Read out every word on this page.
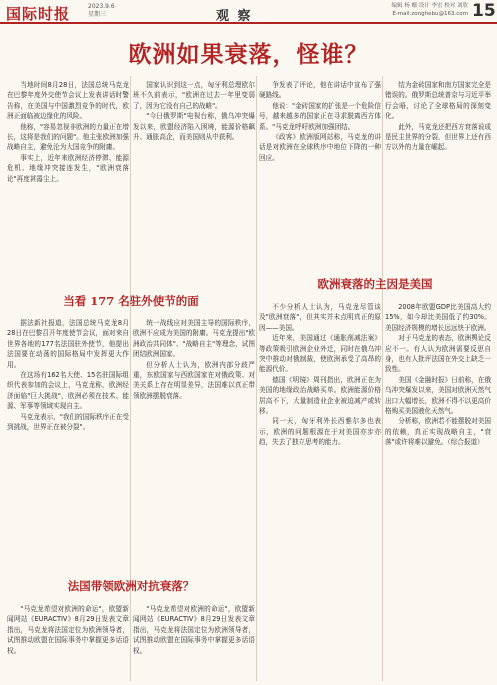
国际时报	2023.9.6
星期三	观 察
编辑 杨 姗 设计 李宏 校对 刘欣
E-mail:zonghebu@163.com 15
欧洲如果衰落，怪谁？

当地时间8月28日，法国总统马克龙在巴黎年度外交使节会议上发表讲话时警告称，在美国与中国激烈竞争的时代，欧洲正面临被边缘化的风险。

他称，"容易忽视非欧洲的力量正在增长，这将是我们的问题"。他主张欧洲加强战略自主，避免沦为大国竞争的附庸。

事实上，近年来欧洲经济停滞、能源危机、地缘冲突接连发生，"欧洲衰落论"再度甚嚣尘上。

当看 177 名驻外使节的面

据法新社报道，法国总统马克龙8月28日在巴黎召开年度使节会议，面对来自世界各地的177名法国驻外使节，他提出法国要在动荡的国际格局中发挥更大作用。

在这场有162名大使、15名驻国际组织代表参加的会议上，马克龙称，欧洲经济面临"巨大挑战"，欧洲必须在技术、能源、军事等领域实现自主。

马克龙表示，"我们的国际秩序正在受到挑战，世界正在被分裂"。

法国带领欧洲对抗衰落？

"马克龙希望对欧洲的命运"，欧盟新闻网站《EURACTIV》8月29日发表文章指出，马克龙将法国定位为欧洲领导者，试图推动欧盟在国际事务中掌握更多话语权。

国家认识到这一点，匈牙利总理欧尔班不久前表示，"欧洲在过去一年里变弱了，因为它没有自己的战略"。

"今日俄罗斯"电视台称，俄乌冲突爆发以来，欧盟经济陷入困境，能源价格飙升、通胀高企，而美国则从中获利。

统一战线应对美国主导的国际秩序，欧洲不应成为美国的附庸。马克龙提出"欧洲政治共同体"、"战略自主"等理念，试图团结欧洲国家。

但分析人士认为，欧洲内部分歧严重，东欧国家与西欧国家在对俄政策、对美关系上存在明显差异，法国难以真正带领欧洲摆脱衰落。

"马克龙希望对欧洲的命运"，欧盟新闻网站《EURACTIV》8月29日发表文章指出，马克龙将法国定位为欧洲领导者，试图推动欧盟在国际事务中掌握更多话语权。

争发表了评论，他在讲话中宣布了强硬路线。

他说："金砖国家的扩张是一个危险信号，越来越多的国家正在寻求脱离西方体系。"马克龙呼吁欧洲加强团结。

《政客》欧洲版网站称，马克龙的讲话是对欧洲在全球秩序中地位下降的一种回应。

欧洲衰落的主因是美国

不少分析人士认为，马克龙尽管谈及"欧洲衰落"，但其实并未点明真正的原因——美国。

近年来，美国通过《通胀削减法案》等政策吸引欧洲企业外迁，同时在俄乌冲突中推动对俄制裁，使欧洲承受了高昂的能源代价。

德国《明镜》周刊指出，欧洲正在为美国的地缘政治战略买单。欧洲能源价格居高不下，大量制造业企业被迫减产或转移。

同一天，匈牙利外长西雅尔多也表示，欧洲的问题根源在于对美国亦步亦趋，失去了独立思考的能力。

结为金砖国家和南方国家完全是错误的。俄罗斯总统普京与习近平举行会晤，讨论了全球格局的深刻变化。

此外，马克龙还把西方衰落说成是民主世界的分裂，但世界上还有西方以外的力量在崛起。

2008年欧盟GDP比美国高大约15%，如今却比美国低了约30%。美国经济规模的增长远远快于欧洲。

对于马克龙的表态，欧洲舆论反应不一。有人认为欧洲需要反思自身，也有人批评法国在外交上缺乏一致性。

美国《金融时报》日前称，在俄乌冲突爆发以来，美国对欧洲天然气出口大幅增长，欧洲不得不以更高价格购买美国液化天然气。

分析称，欧洲若不能摆脱对美国的依赖，真正实现战略自主，"衰落"或许将难以避免。（综合报道）
